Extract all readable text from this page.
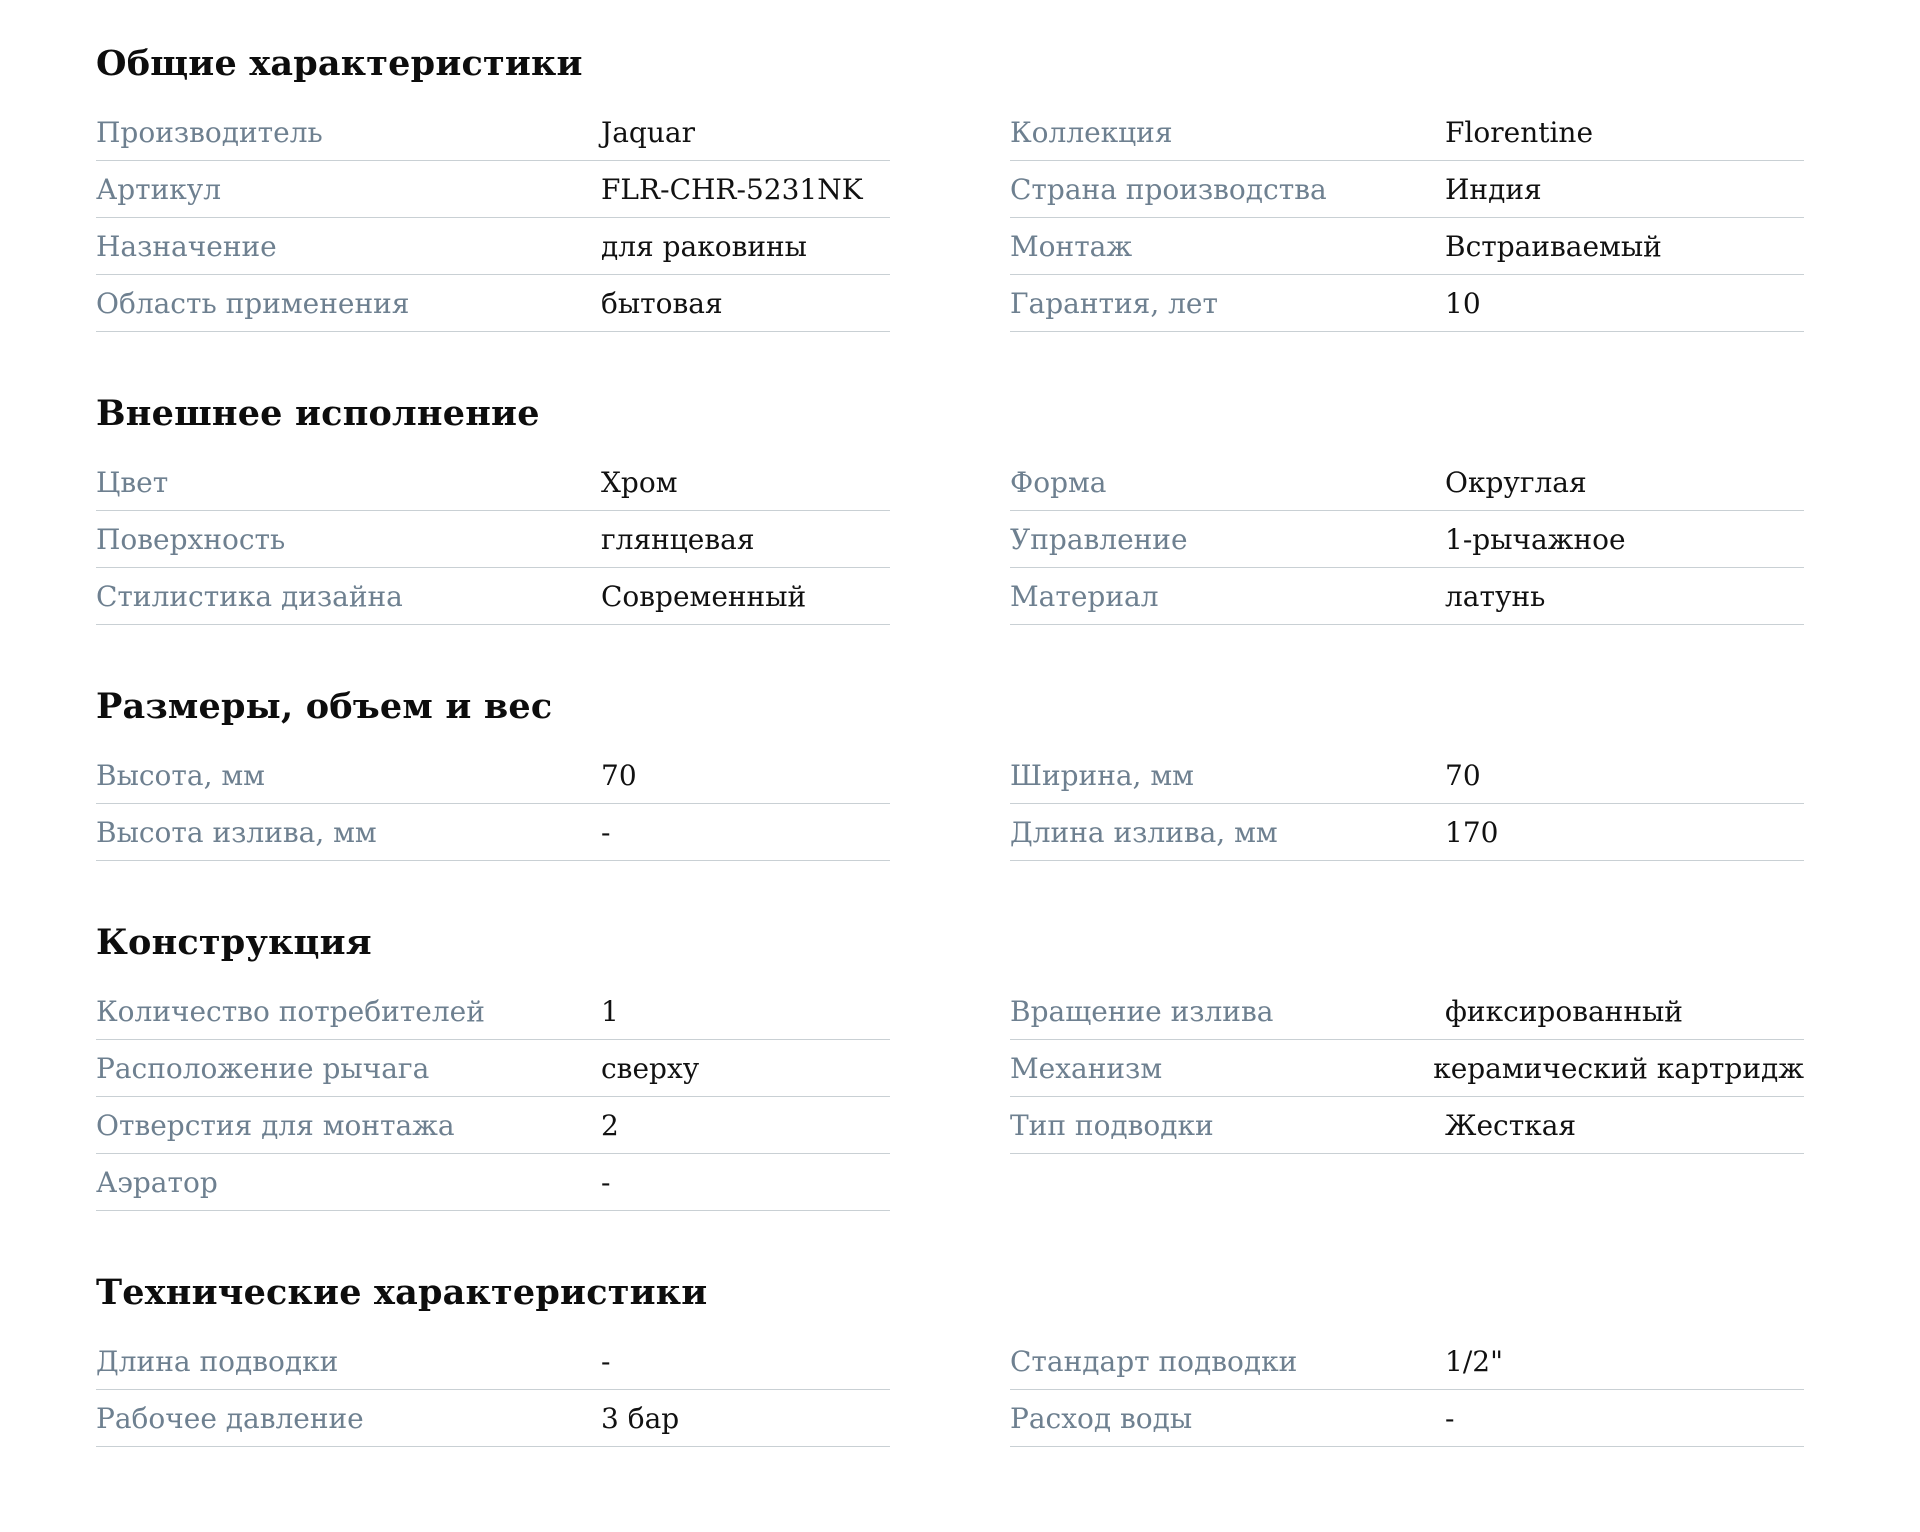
Общие характеристики
Производитель	Jaquar
Артикул	FLR-CHR-5231NK
Назначение	для раковины
Область применения	бытовая
Коллекция	Florentine
Страна производства	Индия
Монтаж	Встраиваемый
Гарантия, лет	10
Внешнее исполнение
Цвет	Хром
Поверхность	глянцевая
Стилистика дизайна	Современный
Форма	Округлая
Управление	1-рычажное
Материал	латунь
Размеры, объем и вес
Высота, мм	70
Высота излива, мм	-
Ширина, мм	70
Длина излива, мм	170
Конструкция
Количество потребителей	1
Расположение рычага	сверху
Отверстия для монтажа	2
Аэратор	-
Вращение излива	фиксированный
Механизм	керамический картридж
Тип подводки	Жесткая
Технические характеристики
Длина подводки	-
Рабочее давление	3 бар
Стандарт подводки	1/2"
Расход воды	-
